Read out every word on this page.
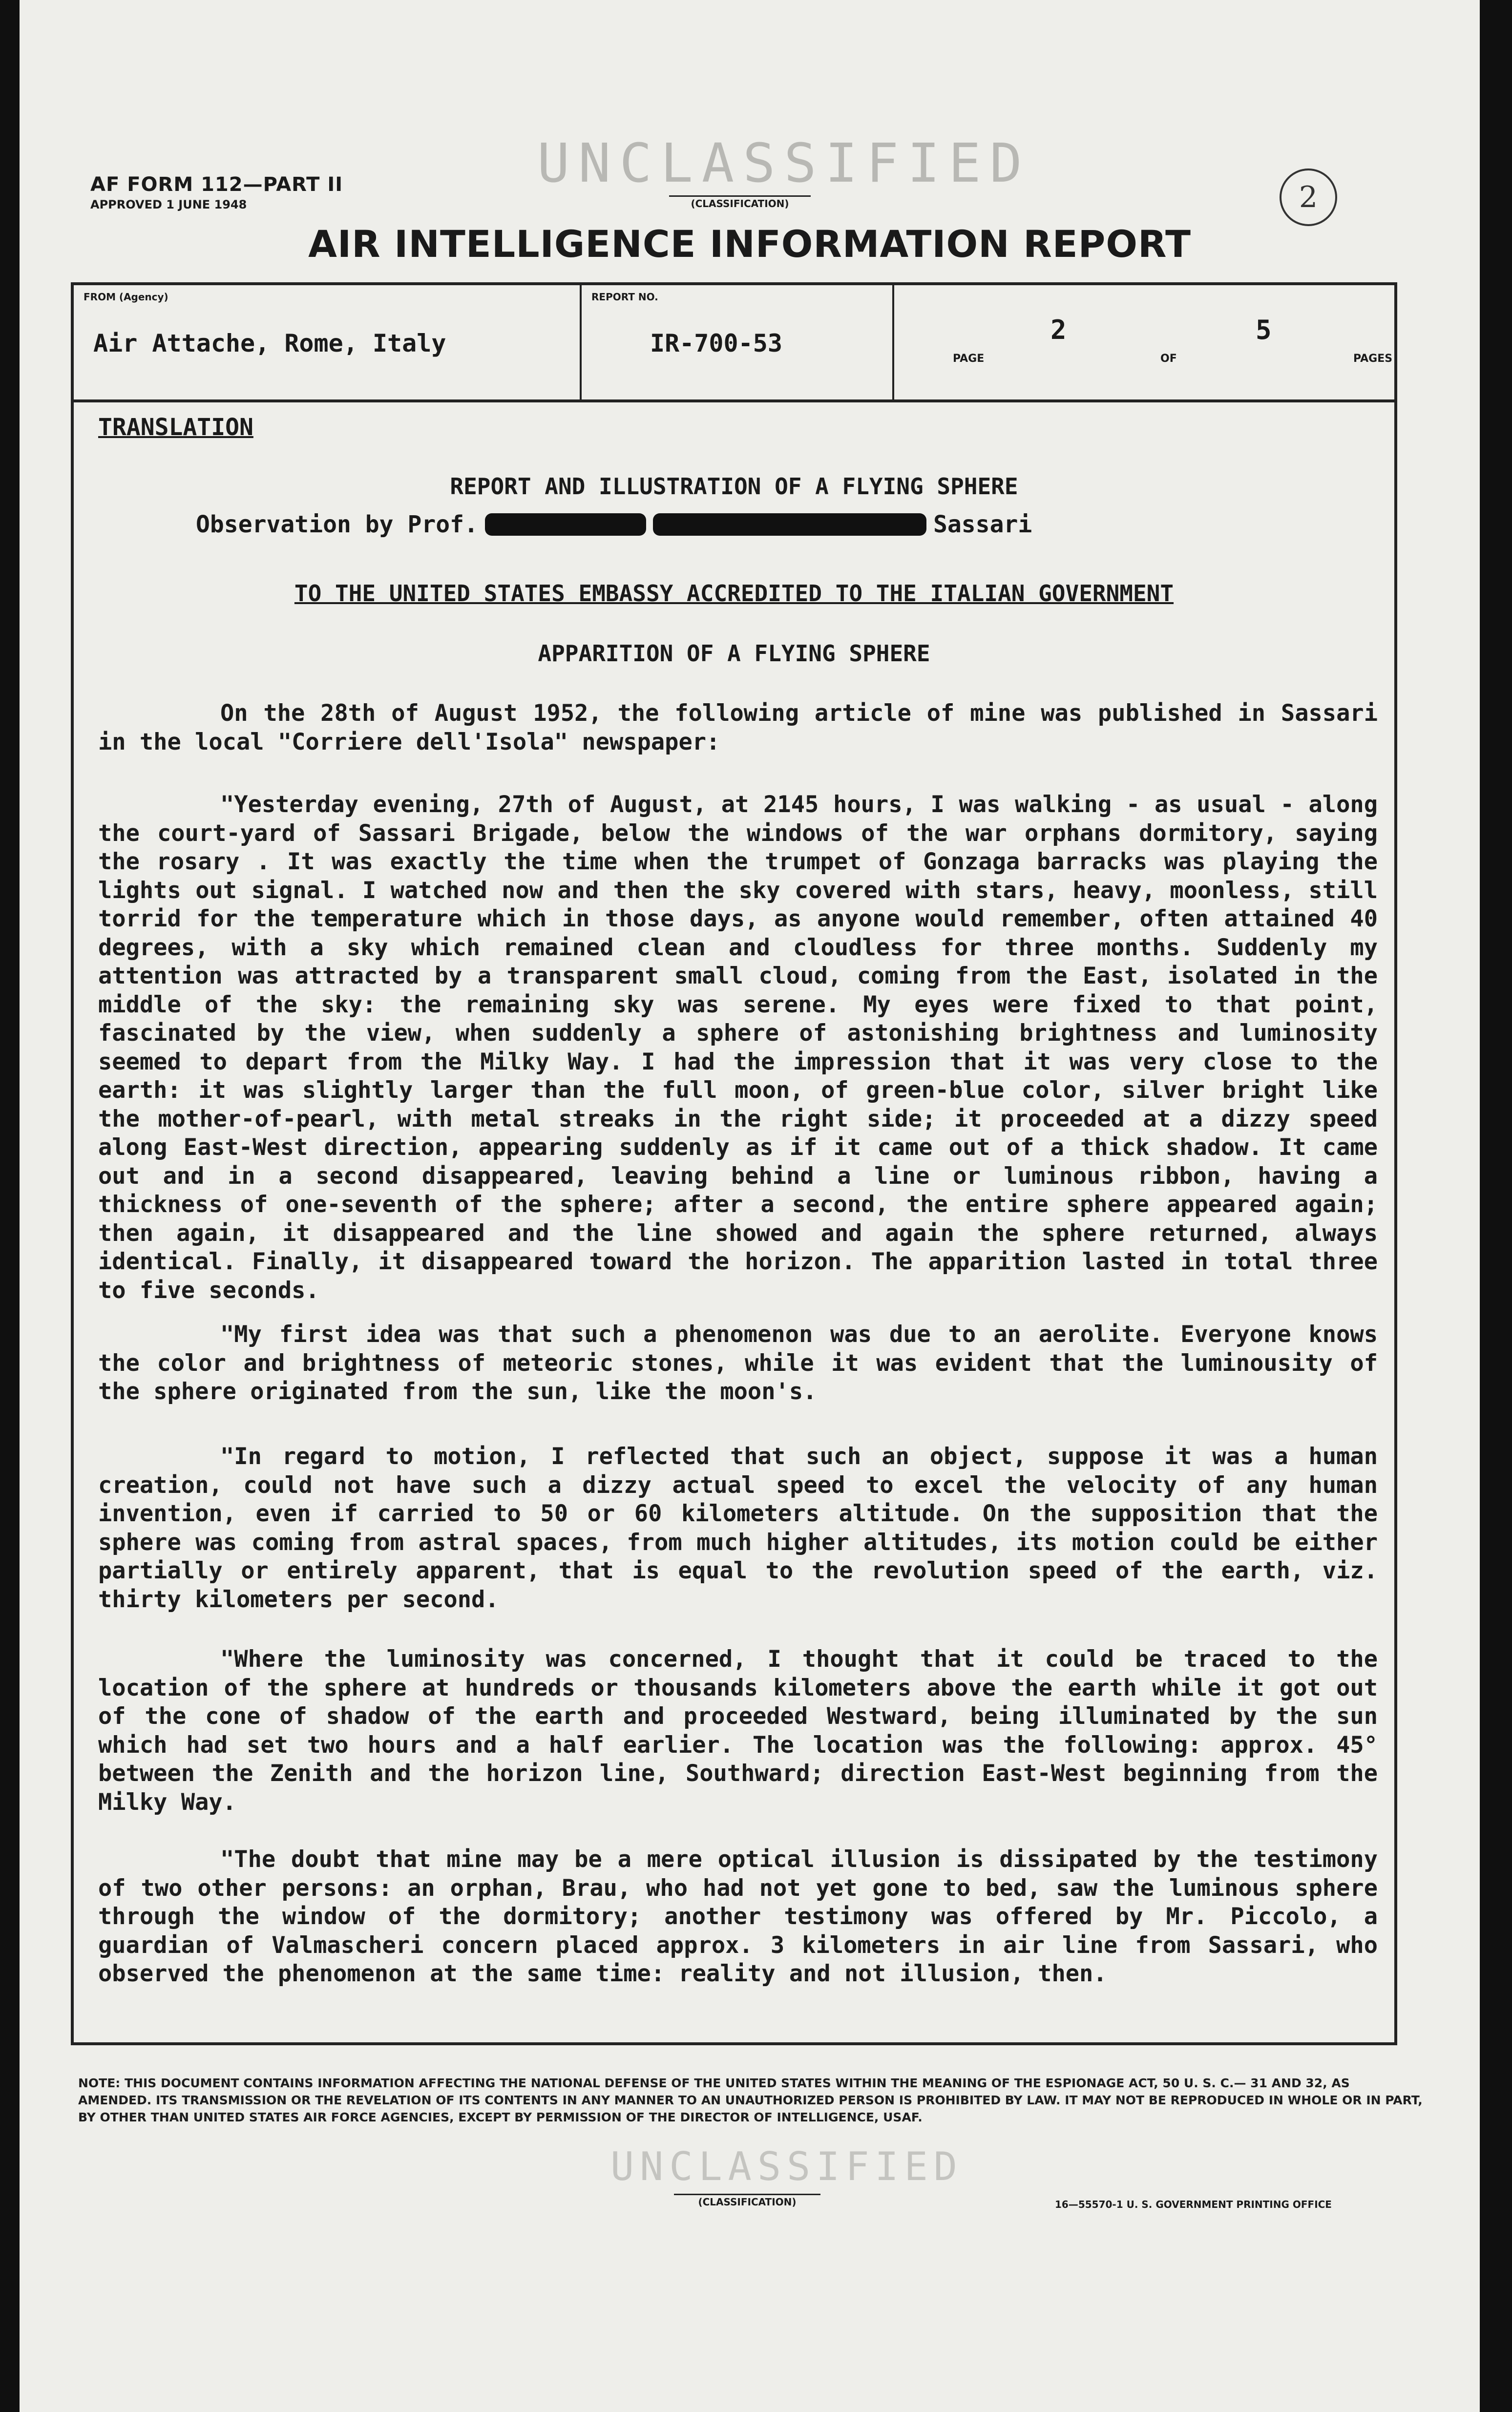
AF FORM 112—PART II
APPROVED 1 JUNE 1948
UNCLASSIFIED
(CLASSIFICATION)	2
AIR INTELLIGENCE INFORMATION REPORT
FROM (Agency)
Air Attache, Rome, Italy
REPORT NO.
IR-700-53
PAGE
2
OF
5
PAGES
TRANSLATION
REPORT AND ILLUSTRATION OF A FLYING SPHERE
Observation by Prof.	Sassari
TO THE UNITED STATES EMBASSY ACCREDITED TO THE ITALIAN GOVERNMENT
APPARITION OF A FLYING SPHERE

On the 28th of August 1952, the following article of mine was published in Sassari in the local "Corriere dell'Isola" newspaper:

"Yesterday evening, 27th of August, at 2145 hours, I was walking - as usual - along the court-yard of Sassari Brigade, below the windows of the war orphans dormitory, saying the rosary . It was exactly the time when the trumpet of Gonzaga barracks was playing the lights out signal. I watched now and then the sky covered with stars, heavy, moonless, still torrid for the temperature which in those days, as anyone would remember, often attained 40 degrees, with a sky which remained clean and cloudless for three months. Suddenly my attention was attracted by a transparent small cloud, coming from the East, isolated in the middle of the sky: the remaining sky was serene. My eyes were fixed to that point, fascinated by the view, when suddenly a sphere of astonishing brightness and luminosity seemed to depart from the Milky Way. I had the impression that it was very close to the earth: it was slightly larger than the full moon, of green-blue color, silver bright like the mother-of-pearl, with metal streaks in the right side; it proceeded at a dizzy speed along East-West direction, appearing suddenly as if it came out of a thick shadow. It came out and in a second disappeared, leaving behind a line or luminous ribbon, having a thickness of one-seventh of the sphere; after a second, the entire sphere appeared again; then again, it disappeared and the line showed and again the sphere returned, always identical. Finally, it disappeared toward the horizon. The apparition lasted in total three to five seconds.

"My first idea was that such a phenomenon was due to an aerolite. Everyone knows the color and brightness of meteoric stones, while it was evident that the luminousity of the sphere originated from the sun, like the moon's.

"In regard to motion, I reflected that such an object, suppose it was a human creation, could not have such a dizzy actual speed to excel the velocity of any human invention, even if carried to 50 or 60 kilometers altitude. On the supposition that the sphere was coming from astral spaces, from much higher altitudes, its motion could be either partially or entirely apparent, that is equal to the revolution speed of the earth, viz. thirty kilometers per second.

"Where the luminosity was concerned, I thought that it could be traced to the location of the sphere at hundreds or thousands kilometers above the earth while it got out of the cone of shadow of the earth and proceeded Westward, being illuminated by the sun which had set two hours and a half earlier. The location was the following: approx. 45° between the Zenith and the horizon line, Southward; direction East-West beginning from the Milky Way.

"The doubt that mine may be a mere optical illusion is dissipated by the testimony of two other persons: an orphan, Brau, who had not yet gone to bed, saw the luminous sphere through the window of the dormitory; another testimony was offered by Mr. Piccolo, a guardian of Valmascheri concern placed approx. 3 kilometers in air line from Sassari, who observed the phenomenon at the same time: reality and not illusion, then.

NOTE: THIS DOCUMENT CONTAINS INFORMATION AFFECTING THE NATIONAL DEFENSE OF THE UNITED STATES WITHIN THE MEANING OF THE ESPIONAGE ACT, 50 U. S. C.— 31 AND 32, AS AMENDED. ITS TRANSMISSION OR THE REVELATION OF ITS CONTENTS IN ANY MANNER TO AN UNAUTHORIZED PERSON IS PROHIBITED BY LAW. IT MAY NOT BE REPRODUCED IN WHOLE OR IN PART, BY OTHER THAN UNITED STATES AIR FORCE AGENCIES, EXCEPT BY PERMISSION OF THE DIRECTOR OF INTELLIGENCE, USAF.
UNCLASSIFIED
(CLASSIFICATION)	16—55570-1 U. S. GOVERNMENT PRINTING OFFICE
